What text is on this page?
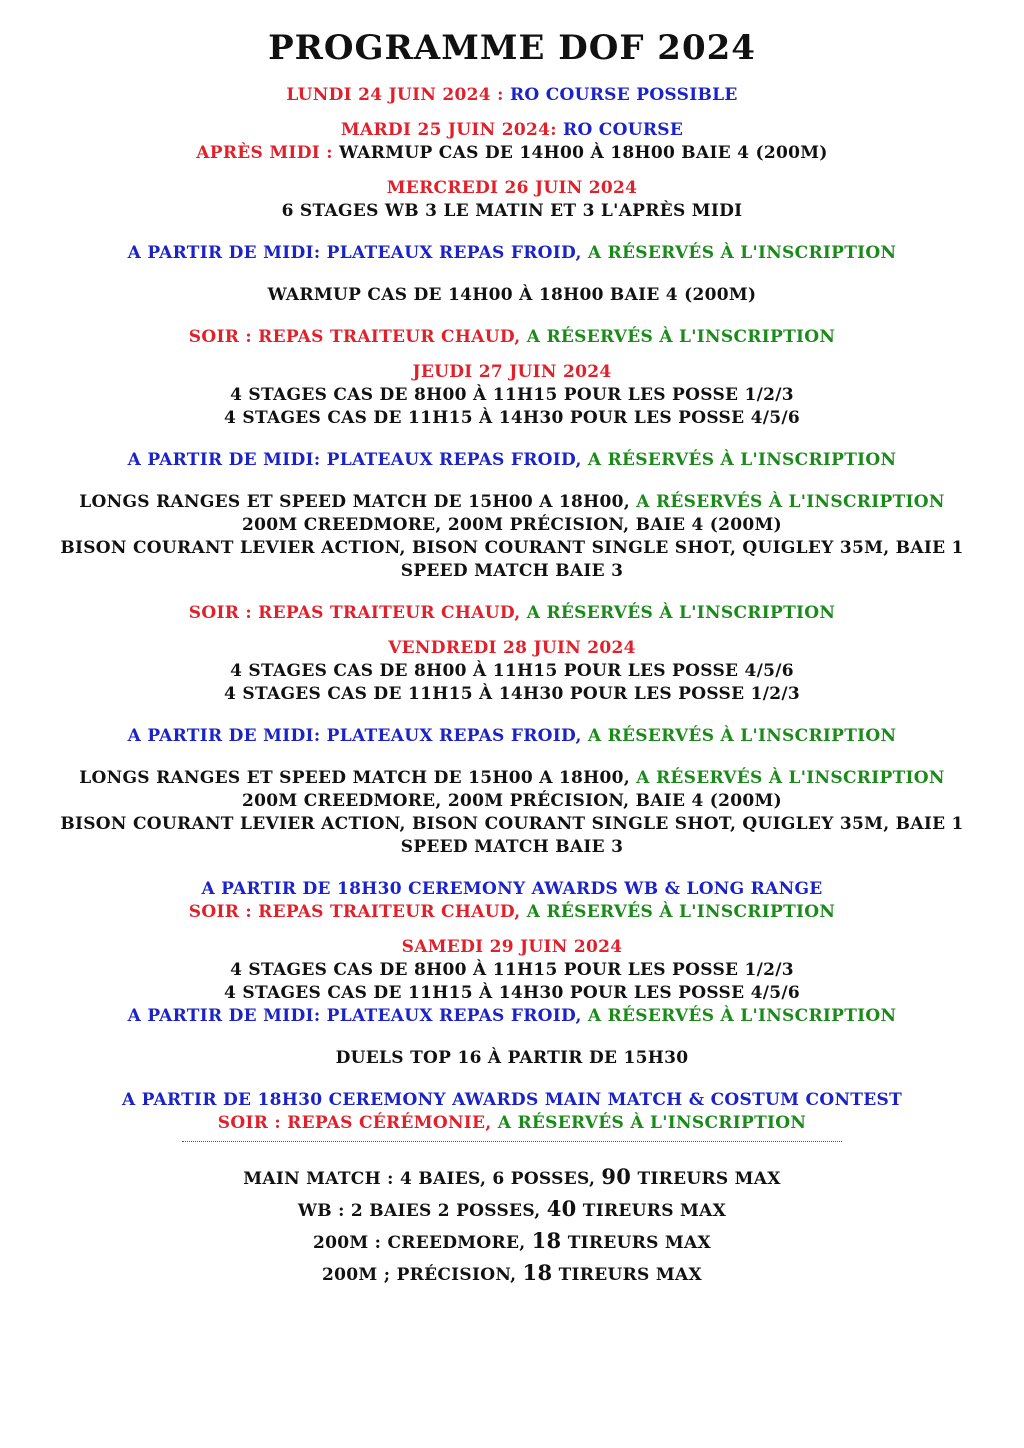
PROGRAMME DOF 2024
LUNDI 24 JUIN 2024 : RO COURSE POSSIBLE
MARDI 25 JUIN 2024: RO COURSE
APRÈS MIDI : WARMUP CAS DE 14H00 À 18H00 BAIE 4 (200M)
MERCREDI 26 JUIN 2024
6 STAGES WB 3 LE MATIN ET 3 L'APRÈS MIDI
A PARTIR DE MIDI: PLATEAUX REPAS FROID, A RÉSERVÉS À L'INSCRIPTION
WARMUP CAS DE 14H00 À 18H00 BAIE 4 (200M)
SOIR : REPAS TRAITEUR CHAUD, A RÉSERVÉS À L'INSCRIPTION
JEUDI 27 JUIN 2024
4 STAGES CAS DE 8H00 À 11H15 POUR LES POSSE 1/2/3
4 STAGES CAS DE 11H15 À 14H30 POUR LES POSSE 4/5/6
A PARTIR DE MIDI: PLATEAUX REPAS FROID, A RÉSERVÉS À L'INSCRIPTION
LONGS RANGES ET SPEED MATCH DE 15H00 A 18H00, A RÉSERVÉS À L'INSCRIPTION
200M CREEDMORE, 200M PRÉCISION, BAIE 4 (200M)
BISON COURANT LEVIER ACTION, BISON COURANT SINGLE SHOT, QUIGLEY 35M, BAIE 1
SPEED MATCH BAIE 3
SOIR : REPAS TRAITEUR CHAUD, A RÉSERVÉS À L'INSCRIPTION
VENDREDI 28 JUIN 2024
4 STAGES CAS DE 8H00 À 11H15 POUR LES POSSE 4/5/6
4 STAGES CAS DE 11H15 À 14H30 POUR LES POSSE 1/2/3
A PARTIR DE MIDI: PLATEAUX REPAS FROID, A RÉSERVÉS À L'INSCRIPTION
LONGS RANGES ET SPEED MATCH DE 15H00 A 18H00, A RÉSERVÉS À L'INSCRIPTION
200M CREEDMORE, 200M PRÉCISION, BAIE 4 (200M)
BISON COURANT LEVIER ACTION, BISON COURANT SINGLE SHOT, QUIGLEY 35M, BAIE 1
SPEED MATCH BAIE 3
A PARTIR DE 18H30 CEREMONY AWARDS WB & LONG RANGE
SOIR : REPAS TRAITEUR CHAUD, A RÉSERVÉS À L'INSCRIPTION
SAMEDI 29 JUIN 2024
4 STAGES CAS DE 8H00 À 11H15 POUR LES POSSE 1/2/3
4 STAGES CAS DE 11H15 À 14H30 POUR LES POSSE 4/5/6
A PARTIR DE MIDI: PLATEAUX REPAS FROID, A RÉSERVÉS À L'INSCRIPTION
DUELS TOP 16 À PARTIR DE 15H30
A PARTIR DE 18H30 CEREMONY AWARDS MAIN MATCH & COSTUM CONTEST
SOIR : REPAS CÉRÉMONIE, A RÉSERVÉS À L'INSCRIPTION
MAIN MATCH : 4 BAIES, 6 POSSES, 90 TIREURS MAX
WB : 2 BAIES 2 POSSES, 40 TIREURS MAX
200M : CREEDMORE, 18 TIREURS MAX
200M ; PRÉCISION, 18 TIREURS MAX
